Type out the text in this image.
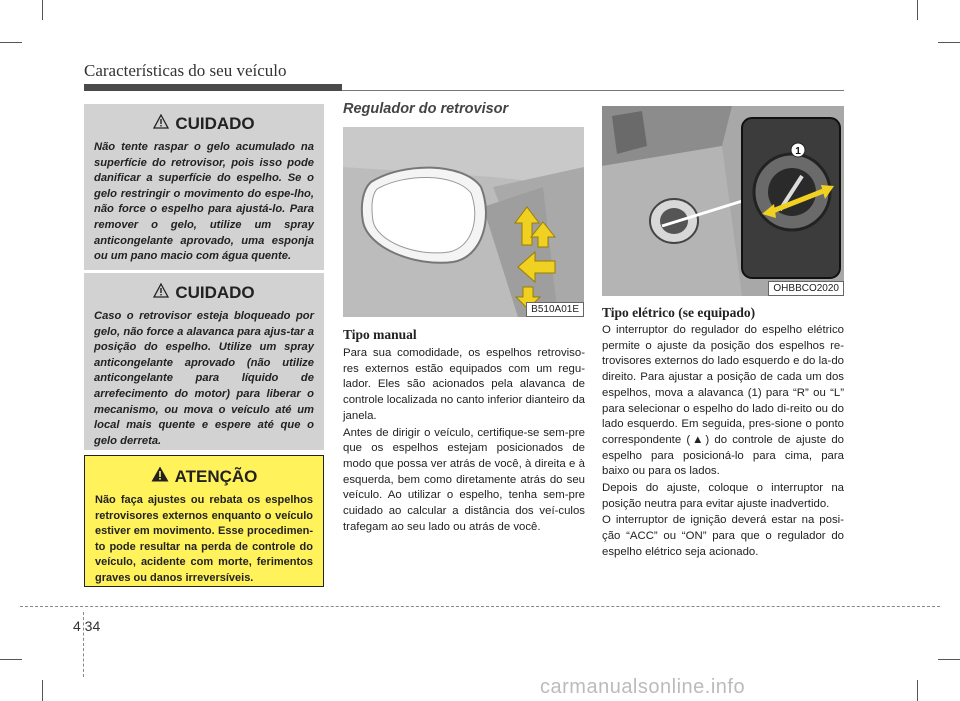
Características do seu veículo
CUIDADO
Não tente raspar o gelo acumulado na superfície do retrovisor, pois isso pode danificar a superfície do espelho. Se o gelo restringir o movimento do espe-lho, não force o espelho para ajustá-lo. Para remover o gelo, utilize um spray anticongelante aprovado, uma esponja ou um pano macio com água quente.
CUIDADO
Caso o retrovisor esteja bloqueado por gelo, não force a alavanca para ajus-tar a posição do espelho. Utilize um spray anticongelante aprovado (não utilize anticongelante para líquido de arrefecimento do motor) para liberar o mecanismo, ou mova o veículo até um local mais quente e espere até que o gelo derreta.
ATENÇÃO
Não faça ajustes ou rebata os espelhos retrovisores externos enquanto o veículo estiver em movimento. Esse procedimen-to pode resultar na perda de controle do veículo, acidente com morte, ferimentos graves ou danos irreversíveis.
Regulador do retrovisor
B510A01E
Tipo manual

Para sua comodidade, os espelhos retroviso-res externos estão equipados com um regu-lador. Eles são acionados pela alavanca de controle localizada no canto inferior dianteiro da janela.

Antes de dirigir o veículo, certifique-se sem-pre que os espelhos estejam posicionados de modo que possa ver atrás de você, à direita e à esquerda, bem como diretamente atrás do seu veículo. Ao utilizar o espelho, tenha sem-pre cuidado ao calcular a distância dos veí-culos trafegam ao seu lado ou atrás de você.

1
OHBBCO2020
Tipo elétrico (se equipado)

O interruptor do regulador do espelho elétrico permite o ajuste da posição dos espelhos re-trovisores externos do lado esquerdo e do la-do direito. Para ajustar a posição de cada um dos espelhos, mova a alavanca (1) para “R” ou “L” para selecionar o espelho do lado di-reito ou do lado esquerdo. Em seguida, pres-sione o ponto correspondente (▲) do controle de ajuste do espelho para posicioná-lo para cima, para baixo ou para os lados.

Depois do ajuste, coloque o interruptor na posição neutra para evitar ajuste inadvertido.

O interruptor de ignição deverá estar na posi-ção “ACC” ou “ON” para que o regulador do espelho elétrico seja acionado.

4 34
carmanualsonline.info
